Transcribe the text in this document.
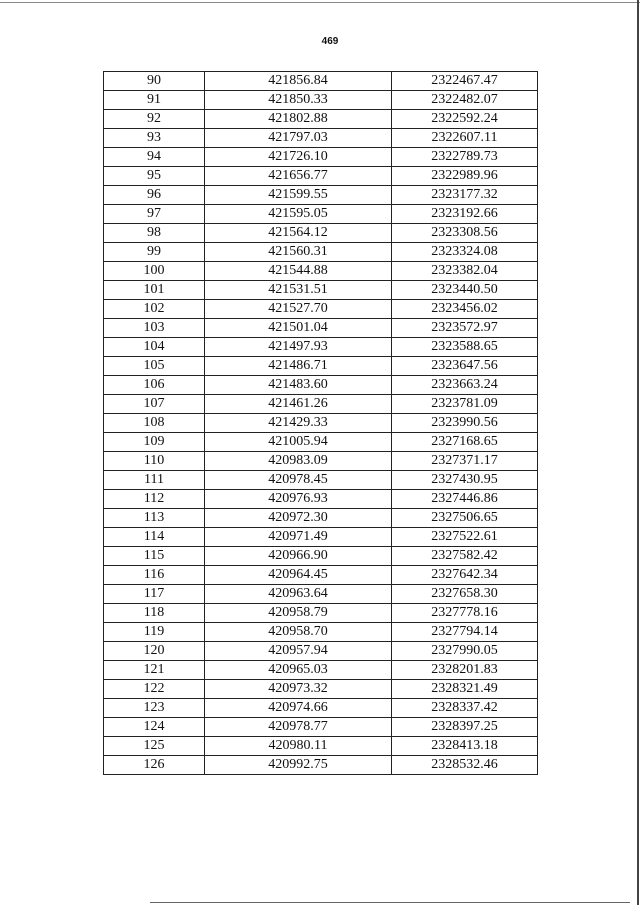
469
90	421856.84	2322467.47
91	421850.33	2322482.07
92	421802.88	2322592.24
93	421797.03	2322607.11
94	421726.10	2322789.73
95	421656.77	2322989.96
96	421599.55	2323177.32
97	421595.05	2323192.66
98	421564.12	2323308.56
99	421560.31	2323324.08
100	421544.88	2323382.04
101	421531.51	2323440.50
102	421527.70	2323456.02
103	421501.04	2323572.97
104	421497.93	2323588.65
105	421486.71	2323647.56
106	421483.60	2323663.24
107	421461.26	2323781.09
108	421429.33	2323990.56
109	421005.94	2327168.65
110	420983.09	2327371.17
111	420978.45	2327430.95
112	420976.93	2327446.86
113	420972.30	2327506.65
114	420971.49	2327522.61
115	420966.90	2327582.42
116	420964.45	2327642.34
117	420963.64	2327658.30
118	420958.79	2327778.16
119	420958.70	2327794.14
120	420957.94	2327990.05
121	420965.03	2328201.83
122	420973.32	2328321.49
123	420974.66	2328337.42
124	420978.77	2328397.25
125	420980.11	2328413.18
126	420992.75	2328532.46
